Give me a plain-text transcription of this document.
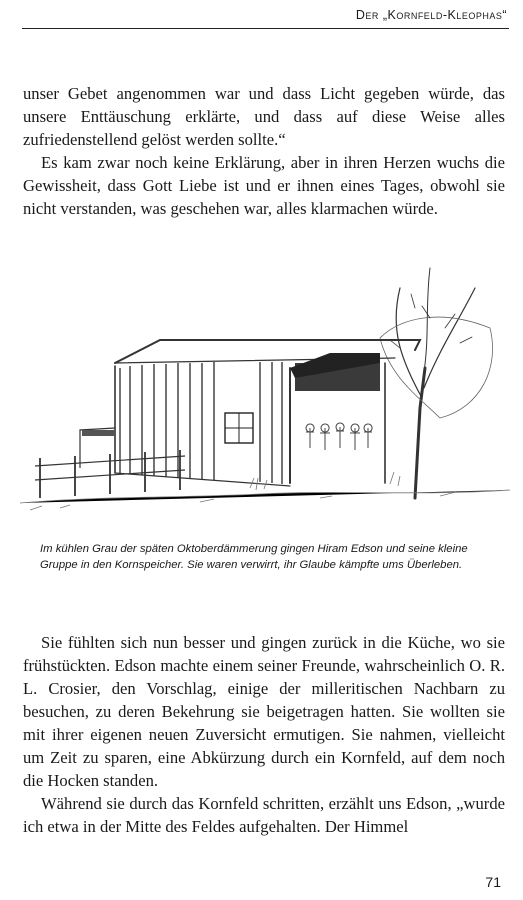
Der „Kornfeld-Kleophas“

unser Gebet angenommen war und dass Licht gegeben würde, das unsere Enttäuschung erklärte, und dass auf diese Weise alles zufriedenstellend gelöst werden sollte.“

Es kam zwar noch keine Erklärung, aber in ihren Herzen wuchs die Gewissheit, dass Gott Liebe ist und er ihnen eines Tages, obwohl sie nicht verstanden, was geschehen war, alles klarmachen würde.

Im kühlen Grau der späten Oktoberdämmerung gingen Hiram Edson und seine kleine Gruppe in den Kornspeicher. Sie waren verwirrt, ihr Glaube kämpfte ums Überleben.

Sie fühlten sich nun besser und gingen zurück in die Küche, wo sie frühstückten. Edson machte einem seiner Freunde, wahrscheinlich O. R. L. Crosier, den Vorschlag, einige der milleritischen Nachbarn zu besuchen, zu deren Bekehrung sie beigetragen hatten. Sie wollten sie mit ihrer eigenen neuen Zuversicht ermutigen. Sie nahmen, vielleicht um Zeit zu sparen, eine Abkürzung durch ein Kornfeld, auf dem noch die Hocken standen.

Während sie durch das Kornfeld schritten, erzählt uns Edson, „wurde ich etwa in der Mitte des Feldes aufgehalten. Der Himmel

71
